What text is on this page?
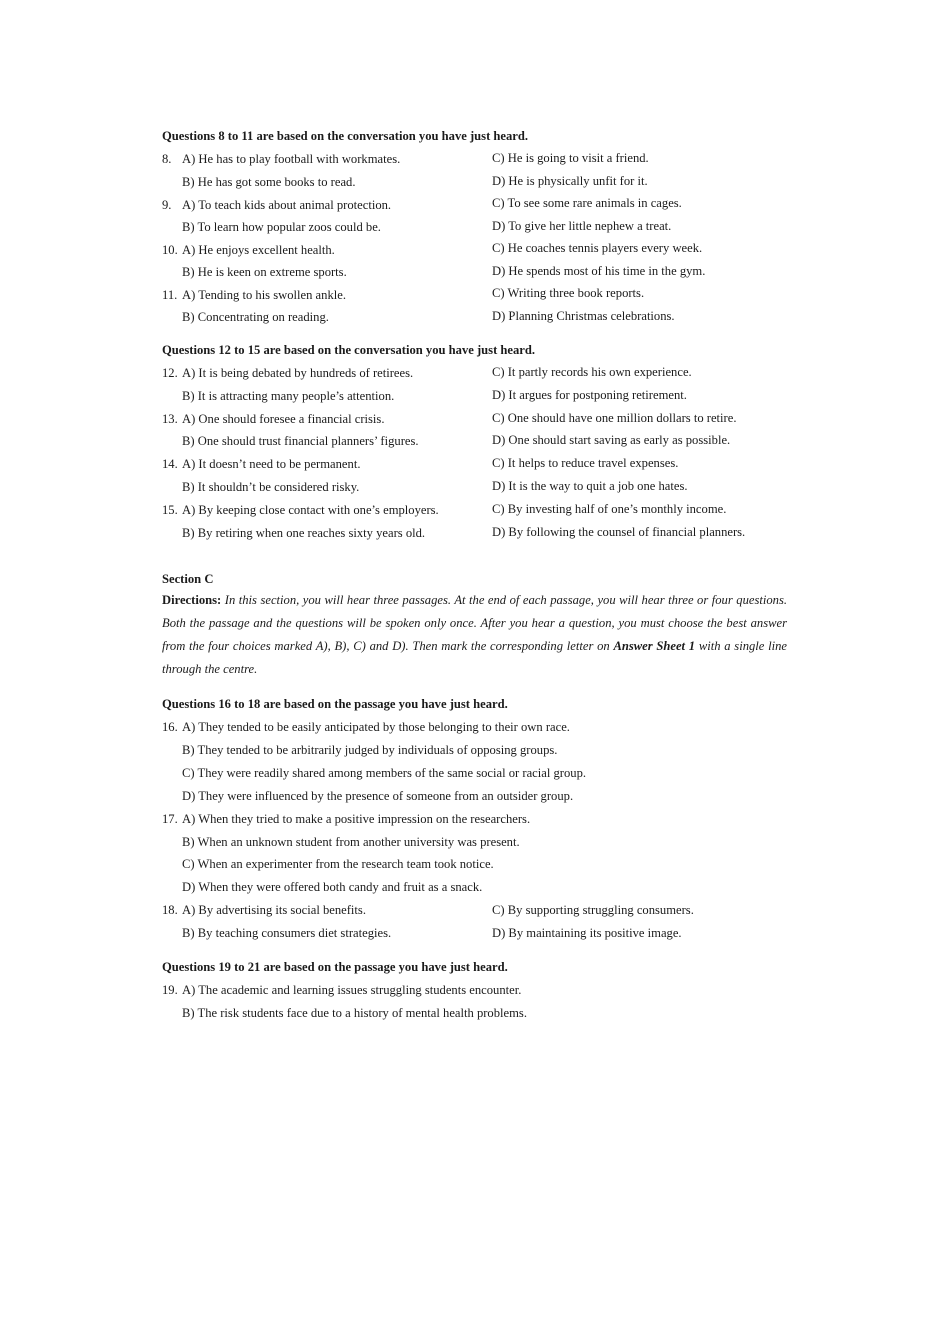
Questions 8 to 11 are based on the conversation you have just heard.
8. A) He has to play football with workmates.	C) He is going to visit a friend.
B) He has got some books to read.	D) He is physically unfit for it.
9. A) To teach kids about animal protection.	C) To see some rare animals in cages.
B) To learn how popular zoos could be.	D) To give her little nephew a treat.
10. A) He enjoys excellent health.	C) He coaches tennis players every week.
B) He is keen on extreme sports.	D) He spends most of his time in the gym.
11. A) Tending to his swollen ankle.	C) Writing three book reports.
B) Concentrating on reading.	D) Planning Christmas celebrations.
Questions 12 to 15 are based on the conversation you have just heard.
12. A) It is being debated by hundreds of retirees.	C) It partly records his own experience.
B) It is attracting many people’s attention.	D) It argues for postponing retirement.
13. A) One should foresee a financial crisis.	C) One should have one million dollars to retire.
B) One should trust financial planners’ figures.	D) One should start saving as early as possible.
14. A) It doesn’t need to be permanent.	C) It helps to reduce travel expenses.
B) It shouldn’t be considered risky.	D) It is the way to quit a job one hates.
15. A) By keeping close contact with one’s employers.	C) By investing half of one’s monthly income.
B) By retiring when one reaches sixty years old.	D) By following the counsel of financial planners.
Section C
Directions: In this section, you will hear three passages. At the end of each passage, you will hear three or four questions. Both the passage and the questions will be spoken only once. After you hear a question, you must choose the best answer from the four choices marked A), B), C) and D). Then mark the corresponding letter on Answer Sheet 1 with a single line through the centre.
Questions 16 to 18 are based on the passage you have just heard.
16. A) They tended to be easily anticipated by those belonging to their own race.
B) They tended to be arbitrarily judged by individuals of opposing groups.
C) They were readily shared among members of the same social or racial group.
D) They were influenced by the presence of someone from an outsider group.
17. A) When they tried to make a positive impression on the researchers.
B) When an unknown student from another university was present.
C) When an experimenter from the research team took notice.
D) When they were offered both candy and fruit as a snack.
18. A) By advertising its social benefits.	C) By supporting struggling consumers.
B) By teaching consumers diet strategies.	D) By maintaining its positive image.
Questions 19 to 21 are based on the passage you have just heard.
19. A) The academic and learning issues struggling students encounter.
B) The risk students face due to a history of mental health problems.
